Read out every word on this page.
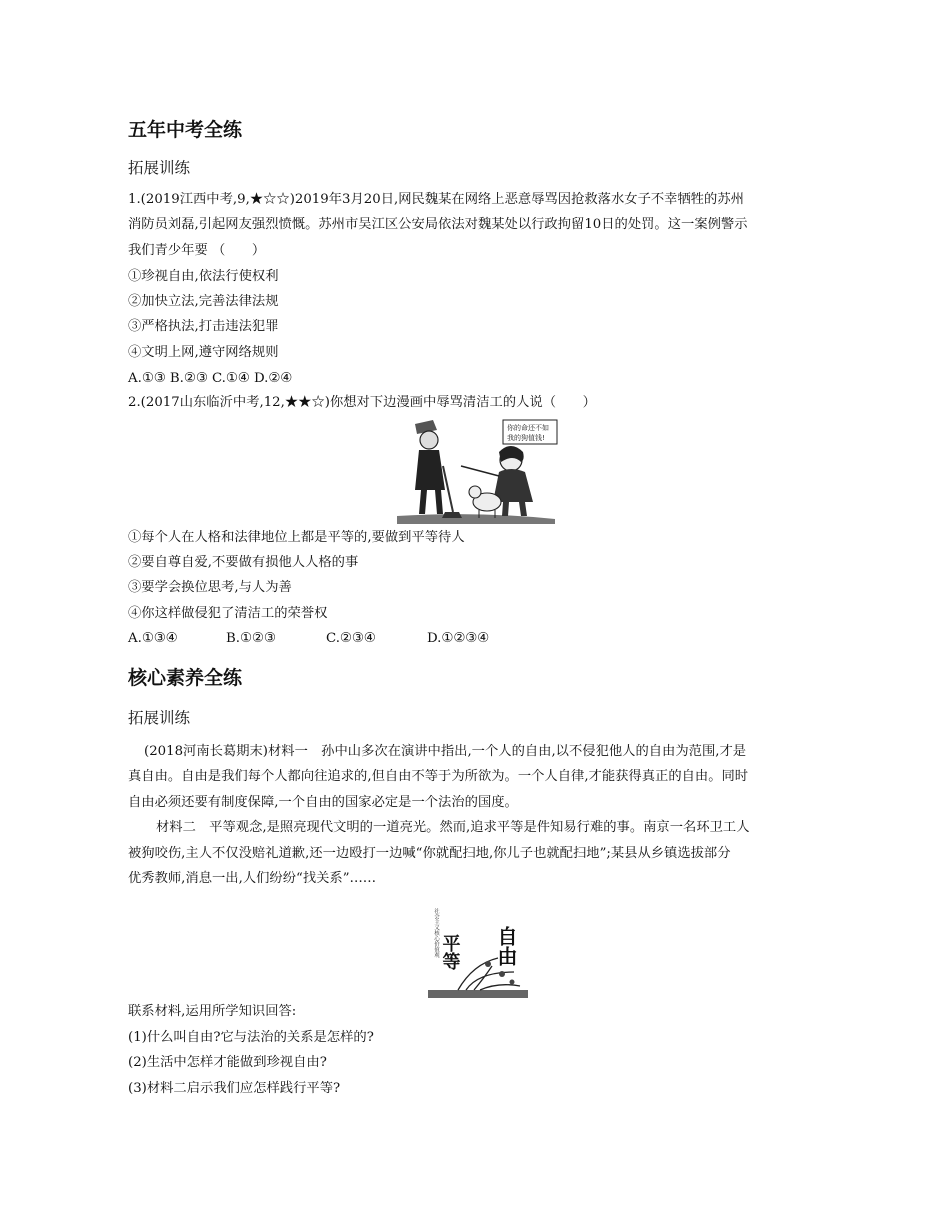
五年中考全练
拓展训练
1.(2019江西中考,9,★☆☆)2019年3月20日,网民魏某在网络上恶意辱骂因抢救落水女子不幸牺牲的苏州
消防员刘磊,引起网友强烈愤慨。苏州市吴江区公安局依法对魏某处以行政拘留10日的处罚。这一案例警示
我们青少年要 （　　）
①珍视自由,依法行使权利
②加快立法,完善法律法规
③严格执法,打击违法犯罪
④文明上网,遵守网络规则
A.①③ B.②③ C.①④ D.②④
2.(2017山东临沂中考,12,★★☆)你想对下边漫画中辱骂清洁工的人说（　　）
你的命还不如
我的狗值钱!
①每个人在人格和法律地位上都是平等的,要做到平等待人
②要自尊自爱,不要做有损他人人格的事
③要学会换位思考,与人为善
④你这样做侵犯了清洁工的荣誉权
A.①③④	B.①②③	C.②③④	D.①②③④
核心素养全练
拓展训练
(2018河南长葛期末)材料一　孙中山多次在演讲中指出,一个人的自由,以不侵犯他人的自由为范围,才是
真自由。自由是我们每个人都向往追求的,但自由不等于为所欲为。一个人自律,才能获得真正的自由。同时
自由必须还要有制度保障,一个自由的国家必定是一个法治的国度。
材料二　平等观念,是照亮现代文明的一道亮光。然而,追求平等是件知易行难的事。南京一名环卫工人
被狗咬伤,主人不仅没赔礼道歉,还一边殴打一边喊“你就配扫地,你儿子也就配扫地”;某县从乡镇选拔部分
优秀教师,消息一出,人们纷纷“找关系”……
平等 自由
社会主义核心价值观
联系材料,运用所学知识回答:
(1)什么叫自由?它与法治的关系是怎样的?
(2)生活中怎样才能做到珍视自由?
(3)材料二启示我们应怎样践行平等?
